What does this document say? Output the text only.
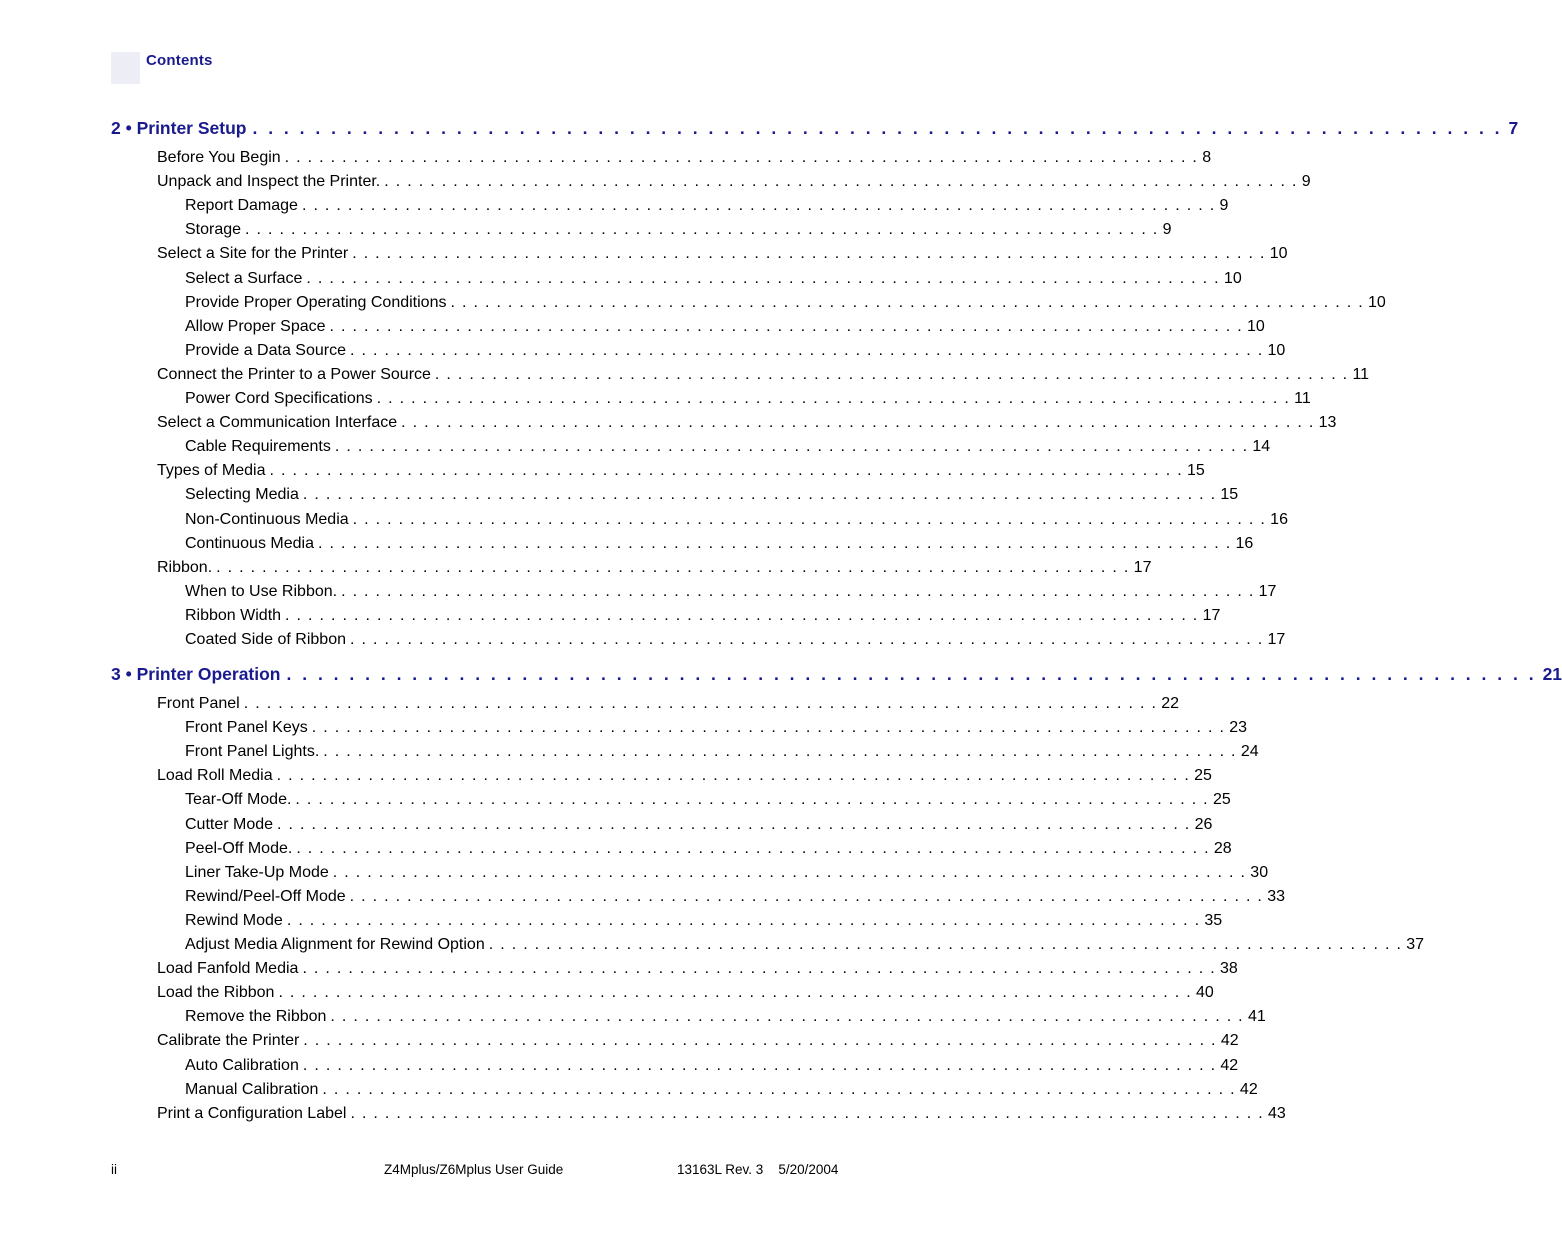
Contents
2 • Printer Setup . . . . . . . . . . . . . . . . . . . . . . . . . . . . . . . . . . . . . . . . . . . . . . . . . . . . . . . . . . . . . . . . . . . . . . . . . . . . . . . . 7
Before You Begin . . . . . . . . . . . . . . . . . . . . . . . . . . . . . . . . . . . . . . . . . . . . . . . . . . . . . . . . . . . . . . . . . . . . . . . . . . . . . . . . 8
Unpack and Inspect the Printer. . . . . . . . . . . . . . . . . . . . . . . . . . . . . . . . . . . . . . . . . . . . . . . . . . . . . . . . . . . . . . . . . . . . . . . . . . . . . . . . . 9
Report Damage . . . . . . . . . . . . . . . . . . . . . . . . . . . . . . . . . . . . . . . . . . . . . . . . . . . . . . . . . . . . . . . . . . . . . . . . . . . . . . . . 9
Storage . . . . . . . . . . . . . . . . . . . . . . . . . . . . . . . . . . . . . . . . . . . . . . . . . . . . . . . . . . . . . . . . . . . . . . . . . . . . . . . . 9
Select a Site for the Printer . . . . . . . . . . . . . . . . . . . . . . . . . . . . . . . . . . . . . . . . . . . . . . . . . . . . . . . . . . . . . . . . . . . . . . . . . . . . . . . . 10
Select a Surface . . . . . . . . . . . . . . . . . . . . . . . . . . . . . . . . . . . . . . . . . . . . . . . . . . . . . . . . . . . . . . . . . . . . . . . . . . . . . . . . 10
Provide Proper Operating Conditions . . . . . . . . . . . . . . . . . . . . . . . . . . . . . . . . . . . . . . . . . . . . . . . . . . . . . . . . . . . . . . . . . . . . . . . . . . . . . . . . 10
Allow Proper Space . . . . . . . . . . . . . . . . . . . . . . . . . . . . . . . . . . . . . . . . . . . . . . . . . . . . . . . . . . . . . . . . . . . . . . . . . . . . . . . . 10
Provide a Data Source . . . . . . . . . . . . . . . . . . . . . . . . . . . . . . . . . . . . . . . . . . . . . . . . . . . . . . . . . . . . . . . . . . . . . . . . . . . . . . . . 10
Connect the Printer to a Power Source . . . . . . . . . . . . . . . . . . . . . . . . . . . . . . . . . . . . . . . . . . . . . . . . . . . . . . . . . . . . . . . . . . . . . . . . . . . . . . . . 11
Power Cord Specifications . . . . . . . . . . . . . . . . . . . . . . . . . . . . . . . . . . . . . . . . . . . . . . . . . . . . . . . . . . . . . . . . . . . . . . . . . . . . . . . . 11
Select a Communication Interface . . . . . . . . . . . . . . . . . . . . . . . . . . . . . . . . . . . . . . . . . . . . . . . . . . . . . . . . . . . . . . . . . . . . . . . . . . . . . . . . 13
Cable Requirements . . . . . . . . . . . . . . . . . . . . . . . . . . . . . . . . . . . . . . . . . . . . . . . . . . . . . . . . . . . . . . . . . . . . . . . . . . . . . . . . 14
Types of Media . . . . . . . . . . . . . . . . . . . . . . . . . . . . . . . . . . . . . . . . . . . . . . . . . . . . . . . . . . . . . . . . . . . . . . . . . . . . . . . . 15
Selecting Media . . . . . . . . . . . . . . . . . . . . . . . . . . . . . . . . . . . . . . . . . . . . . . . . . . . . . . . . . . . . . . . . . . . . . . . . . . . . . . . . 15
Non-Continuous Media . . . . . . . . . . . . . . . . . . . . . . . . . . . . . . . . . . . . . . . . . . . . . . . . . . . . . . . . . . . . . . . . . . . . . . . . . . . . . . . . 16
Continuous Media . . . . . . . . . . . . . . . . . . . . . . . . . . . . . . . . . . . . . . . . . . . . . . . . . . . . . . . . . . . . . . . . . . . . . . . . . . . . . . . . 16
Ribbon. . . . . . . . . . . . . . . . . . . . . . . . . . . . . . . . . . . . . . . . . . . . . . . . . . . . . . . . . . . . . . . . . . . . . . . . . . . . . . . . . 17
When to Use Ribbon. . . . . . . . . . . . . . . . . . . . . . . . . . . . . . . . . . . . . . . . . . . . . . . . . . . . . . . . . . . . . . . . . . . . . . . . . . . . . . . . . 17
Ribbon Width . . . . . . . . . . . . . . . . . . . . . . . . . . . . . . . . . . . . . . . . . . . . . . . . . . . . . . . . . . . . . . . . . . . . . . . . . . . . . . . . 17
Coated Side of Ribbon . . . . . . . . . . . . . . . . . . . . . . . . . . . . . . . . . . . . . . . . . . . . . . . . . . . . . . . . . . . . . . . . . . . . . . . . . . . . . . . . 17
3 • Printer Operation . . . . . . . . . . . . . . . . . . . . . . . . . . . . . . . . . . . . . . . . . . . . . . . . . . . . . . . . . . . . . . . . . . . . . . . . . . . . . . . . 21
Front Panel . . . . . . . . . . . . . . . . . . . . . . . . . . . . . . . . . . . . . . . . . . . . . . . . . . . . . . . . . . . . . . . . . . . . . . . . . . . . . . . . 22
Front Panel Keys . . . . . . . . . . . . . . . . . . . . . . . . . . . . . . . . . . . . . . . . . . . . . . . . . . . . . . . . . . . . . . . . . . . . . . . . . . . . . . . . 23
Front Panel Lights. . . . . . . . . . . . . . . . . . . . . . . . . . . . . . . . . . . . . . . . . . . . . . . . . . . . . . . . . . . . . . . . . . . . . . . . . . . . . . . . . 24
Load Roll Media . . . . . . . . . . . . . . . . . . . . . . . . . . . . . . . . . . . . . . . . . . . . . . . . . . . . . . . . . . . . . . . . . . . . . . . . . . . . . . . . 25
Tear-Off Mode. . . . . . . . . . . . . . . . . . . . . . . . . . . . . . . . . . . . . . . . . . . . . . . . . . . . . . . . . . . . . . . . . . . . . . . . . . . . . . . . . 25
Cutter Mode . . . . . . . . . . . . . . . . . . . . . . . . . . . . . . . . . . . . . . . . . . . . . . . . . . . . . . . . . . . . . . . . . . . . . . . . . . . . . . . . 26
Peel-Off Mode. . . . . . . . . . . . . . . . . . . . . . . . . . . . . . . . . . . . . . . . . . . . . . . . . . . . . . . . . . . . . . . . . . . . . . . . . . . . . . . . . 28
Liner Take-Up Mode . . . . . . . . . . . . . . . . . . . . . . . . . . . . . . . . . . . . . . . . . . . . . . . . . . . . . . . . . . . . . . . . . . . . . . . . . . . . . . . . 30
Rewind/Peel-Off Mode . . . . . . . . . . . . . . . . . . . . . . . . . . . . . . . . . . . . . . . . . . . . . . . . . . . . . . . . . . . . . . . . . . . . . . . . . . . . . . . . 33
Rewind Mode . . . . . . . . . . . . . . . . . . . . . . . . . . . . . . . . . . . . . . . . . . . . . . . . . . . . . . . . . . . . . . . . . . . . . . . . . . . . . . . . 35
Adjust Media Alignment for Rewind Option . . . . . . . . . . . . . . . . . . . . . . . . . . . . . . . . . . . . . . . . . . . . . . . . . . . . . . . . . . . . . . . . . . . . . . . . . . . . . . . . 37
Load Fanfold Media . . . . . . . . . . . . . . . . . . . . . . . . . . . . . . . . . . . . . . . . . . . . . . . . . . . . . . . . . . . . . . . . . . . . . . . . . . . . . . . . 38
Load the Ribbon . . . . . . . . . . . . . . . . . . . . . . . . . . . . . . . . . . . . . . . . . . . . . . . . . . . . . . . . . . . . . . . . . . . . . . . . . . . . . . . . 40
Remove the Ribbon . . . . . . . . . . . . . . . . . . . . . . . . . . . . . . . . . . . . . . . . . . . . . . . . . . . . . . . . . . . . . . . . . . . . . . . . . . . . . . . . 41
Calibrate the Printer . . . . . . . . . . . . . . . . . . . . . . . . . . . . . . . . . . . . . . . . . . . . . . . . . . . . . . . . . . . . . . . . . . . . . . . . . . . . . . . . 42
Auto Calibration . . . . . . . . . . . . . . . . . . . . . . . . . . . . . . . . . . . . . . . . . . . . . . . . . . . . . . . . . . . . . . . . . . . . . . . . . . . . . . . . 42
Manual Calibration . . . . . . . . . . . . . . . . . . . . . . . . . . . . . . . . . . . . . . . . . . . . . . . . . . . . . . . . . . . . . . . . . . . . . . . . . . . . . . . . 42
Print a Configuration Label . . . . . . . . . . . . . . . . . . . . . . . . . . . . . . . . . . . . . . . . . . . . . . . . . . . . . . . . . . . . . . . . . . . . . . . . . . . . . . . . 43
ii	Z4Mplus/Z6Mplus User Guide	13163L Rev. 3    5/20/2004
